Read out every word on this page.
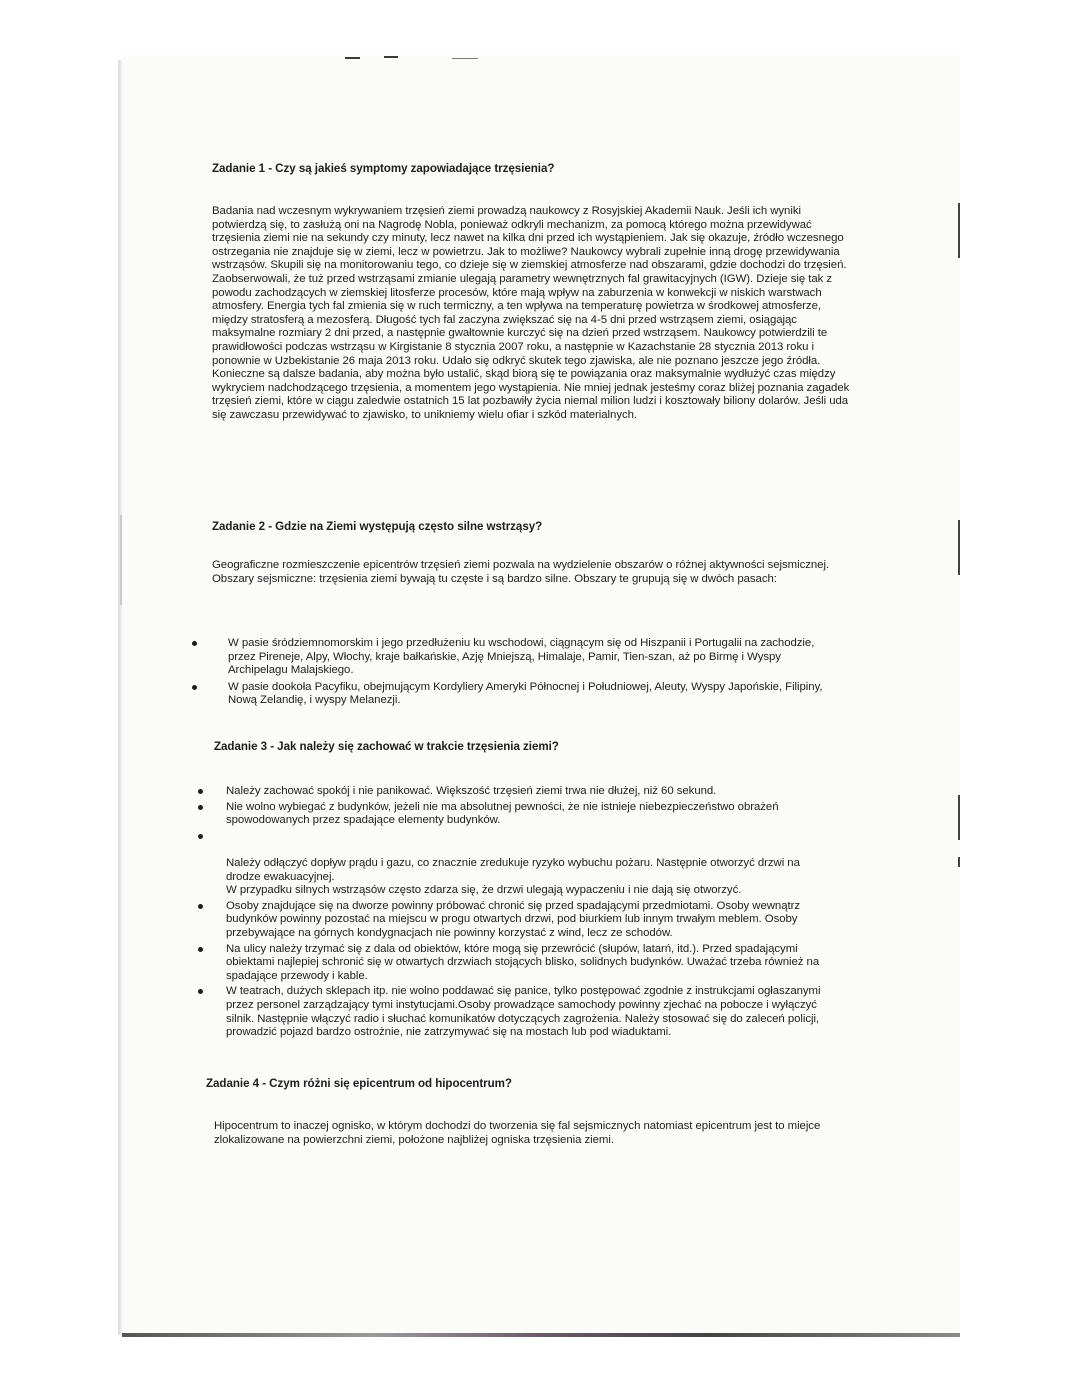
Zadanie 1 - Czy są jakieś symptomy zapowiadające trzęsienia?

Badania nad wczesnym wykrywaniem trzęsień ziemi prowadzą naukowcy z Rosyjskiej Akademii Nauk. Jeśli ich wyniki potwierdzą się, to zasłużą oni na Nagrodę Nobla, ponieważ odkryli mechanizm, za pomocą którego można przewidywać trzęsienia ziemi nie na sekundy czy minuty, lecz nawet na kilka dni przed ich wystąpieniem. Jak się okazuje, źródło wczesnego ostrzegania nie znajduje się w ziemi, lecz w powietrzu. Jak to możliwe? Naukowcy wybrali zupełnie inną drogę przewidywania wstrząsów. Skupili się na monitorowaniu tego, co dzieje się w ziemskiej atmosferze nad obszarami, gdzie dochodzi do trzęsień. Zaobserwowali, że tuż przed wstrząsami zmianie ulegają parametry wewnętrznych fal grawitacyjnych (IGW). Dzieje się tak z powodu zachodzących w ziemskiej litosferze procesów, które mają wpływ na zaburzenia w konwekcji w niskich warstwach atmosfery. Energia tych fal zmienia się w ruch termiczny, a ten wpływa na temperaturę powietrza w środkowej atmosferze, między stratosferą a mezosferą. Długość tych fal zaczyna zwiększać się na 4-5 dni przed wstrząsem ziemi, osiągając maksymalne rozmiary 2 dni przed, a następnie gwałtownie kurczyć się na dzień przed wstrząsem. Naukowcy potwierdzili te prawidłowości podczas wstrząsu w Kirgistanie 8 stycznia 2007 roku, a następnie w Kazachstanie 28 stycznia 2013 roku i ponownie w Uzbekistanie 26 maja 2013 roku. Udało się odkryć skutek tego zjawiska, ale nie poznano jeszcze jego źródła. Konieczne są dalsze badania, aby można było ustalić, skąd biorą się te powiązania oraz maksymalnie wydłużyć czas między wykryciem nadchodzącego trzęsienia, a momentem jego wystąpienia. Nie mniej jednak jesteśmy coraz bliżej poznania zagadek trzęsień ziemi, które w ciągu zaledwie ostatnich 15 lat pozbawiły życia niemal milion ludzi i kosztowały biliony dolarów. Jeśli uda się zawczasu przewidywać to zjawisko, to unikniemy wielu ofiar i szkód materialnych.

Zadanie 2 - Gdzie na Ziemi występują często silne wstrząsy?

Geograficzne rozmieszczenie epicentrów trzęsień ziemi pozwala na wydzielenie obszarów o różnej aktywności sejsmicznej. Obszary sejsmiczne: trzęsienia ziemi bywają tu częste i są bardzo silne. Obszary te grupują się w dwóch pasach:

W pasie śródziemnomorskim i jego przedłużeniu ku wschodowi, ciągnącym się od Hiszpanii i Portugalii na zachodzie, przez Pireneje, Alpy, Włochy, kraje bałkańskie, Azję Mniejszą, Himalaje, Pamir, Tien-szan, aż po Birmę i Wyspy Archipelagu Malajskiego.
W pasie dookoła Pacyfiku, obejmującym Kordyliery Ameryki Północnej i Południowej, Aleuty, Wyspy Japońskie, Filipiny, Nową Zelandię, i wyspy Melanezji.
Zadanie 3 - Jak należy się zachować w trakcie trzęsienia ziemi?
Należy zachować spokój i nie panikować. Większość trzęsień ziemi trwa nie dłużej, niż 60 sekund.
Nie wolno wybiegać z budynków, jeżeli nie ma absolutnej pewności, że nie istnieje niebezpieczeństwo obrażeń spowodowanych przez spadające elementy budynków.

Należy odłączyć dopływ prądu i gazu, co znacznie zredukuje ryzyko wybuchu pożaru. Następnie otworzyć drzwi na drodze ewakuacyjnej.
W przypadku silnych wstrząsów często zdarza się, że drzwi ulegają wypaczeniu i nie dają się otworzyć.

Osoby znajdujące się na dworze powinny próbować chronić się przed spadającymi przedmiotami. Osoby wewnątrz budynków powinny pozostać na miejscu w progu otwartych drzwi, pod biurkiem lub innym trwałym meblem. Osoby przebywające na górnych kondygnacjach nie powinny korzystać z wind, lecz ze schodów.
Na ulicy należy trzymać się z dala od obiektów, które mogą się przewrócić (słupów, latarń, itd.). Przed spadającymi obiektami najlepiej schronić się w otwartych drzwiach stojących blisko, solidnych budynków. Uważać trzeba również na spadające przewody i kable.
W teatrach, dużych sklepach itp. nie wolno poddawać się panice, tylko postępować zgodnie z instrukcjami ogłaszanymi przez personel zarządzający tymi instytucjami.Osoby prowadzące samochody powinny zjechać na pobocze i wyłączyć silnik. Następnie włączyć radio i słuchać komunikatów dotyczących zagrożenia. Należy stosować się do zaleceń policji, prowadzić pojazd bardzo ostrożnie, nie zatrzymywać się na mostach lub pod wiaduktami.
Zadanie 4 - Czym różni się epicentrum od hipocentrum?

Hipocentrum to inaczej ognisko, w którym dochodzi do tworzenia się fal sejsmicznych natomiast epicentrum jest to miejce zlokalizowane na powierzchni ziemi, położone najbliżej ogniska trzęsienia ziemi.
